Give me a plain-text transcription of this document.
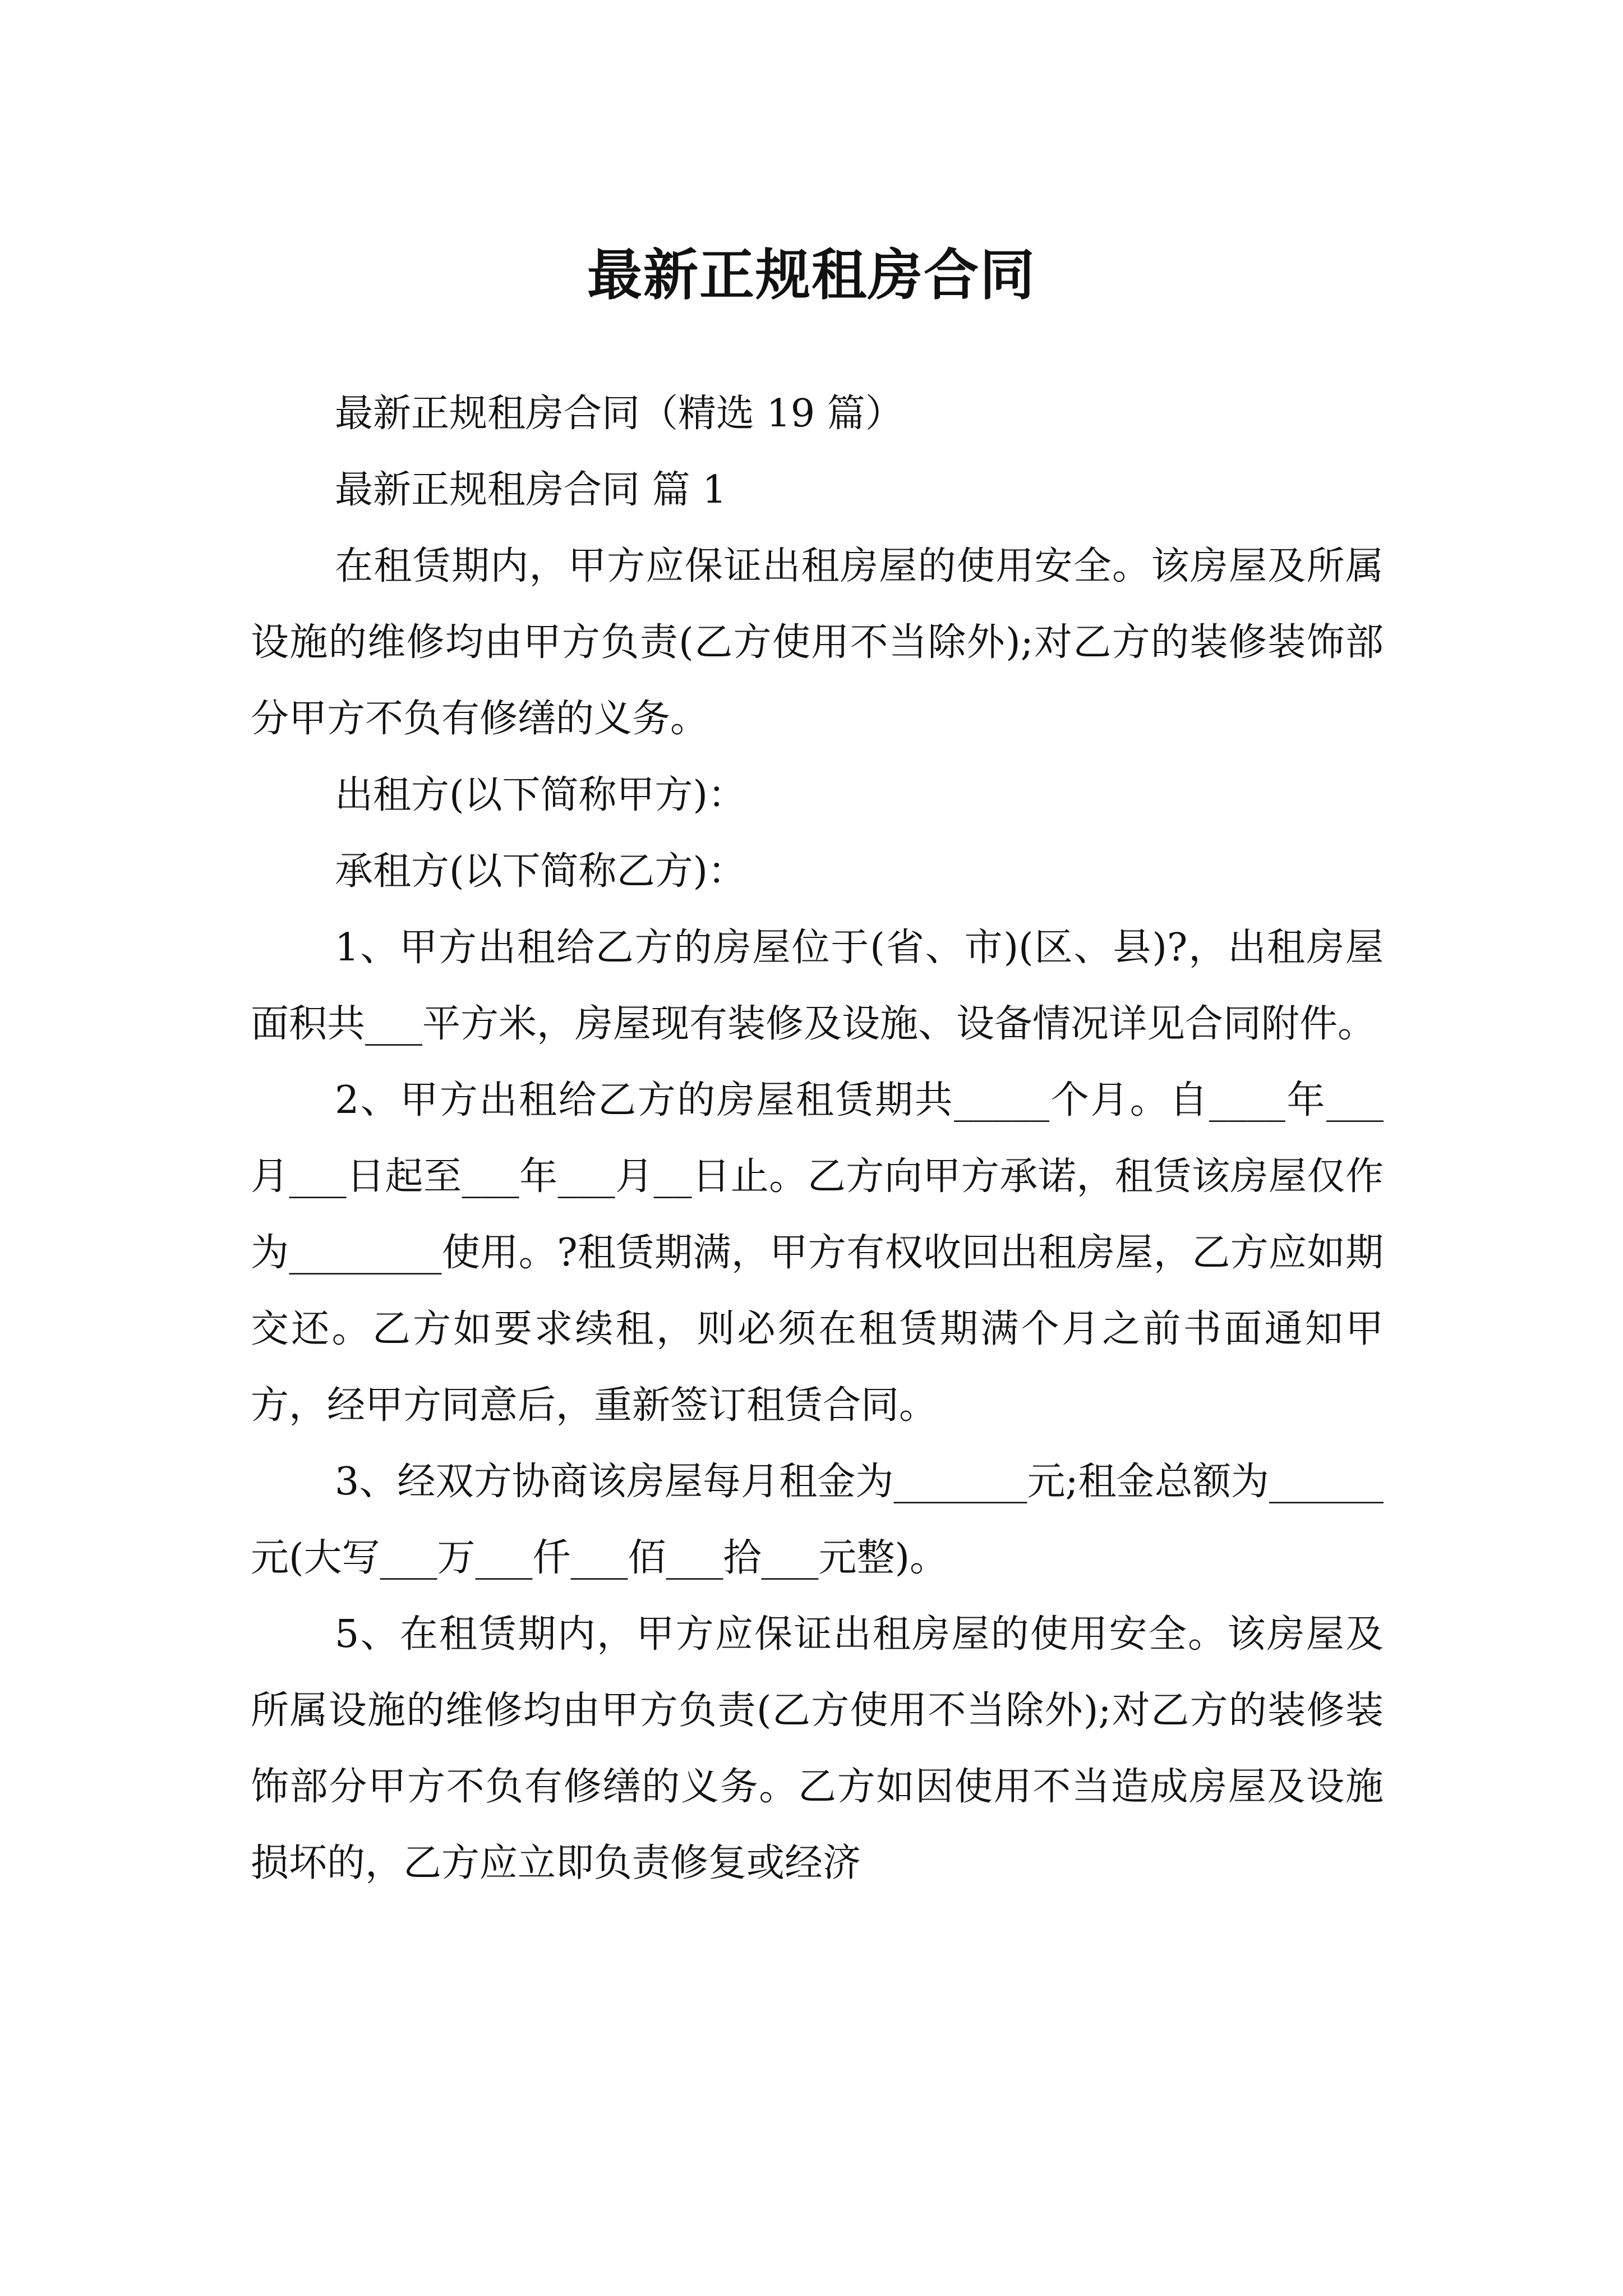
最新正规租房合同

最新正规租房合同（精选 19 篇）

最新正规租房合同 篇 1

在租赁期内，甲方应保证出租房屋的使用安全。该房屋及所属设施的维修均由甲方负责(乙方使用不当除外);对乙方的装修装饰部分甲方不负有修缮的义务。

出租方(以下简称甲方)：

承租方(以下简称乙方)：

1、甲方出租给乙方的房屋位于(省、市)(区、县)?，出租房屋面积共___平方米，房屋现有装修及设施、设备情况详见合同附件。

2、甲方出租给乙方的房屋租赁期共_____个月。自____年___月___日起至___年___月__日止。乙方向甲方承诺，租赁该房屋仅作为________使用。?租赁期满，甲方有权收回出租房屋，乙方应如期交还。乙方如要求续租，则必须在租赁期满个月之前书面通知甲方，经甲方同意后，重新签订租赁合同。

3、经双方协商该房屋每月租金为_______元;租金总额为______元(大写___万___仟___佰___拾___元整)。

5、在租赁期内，甲方应保证出租房屋的使用安全。该房屋及所属设施的维修均由甲方负责(乙方使用不当除外);对乙方的装修装饰部分甲方不负有修缮的义务。乙方如因使用不当造成房屋及设施损坏的，乙方应立即负责修复或经济
